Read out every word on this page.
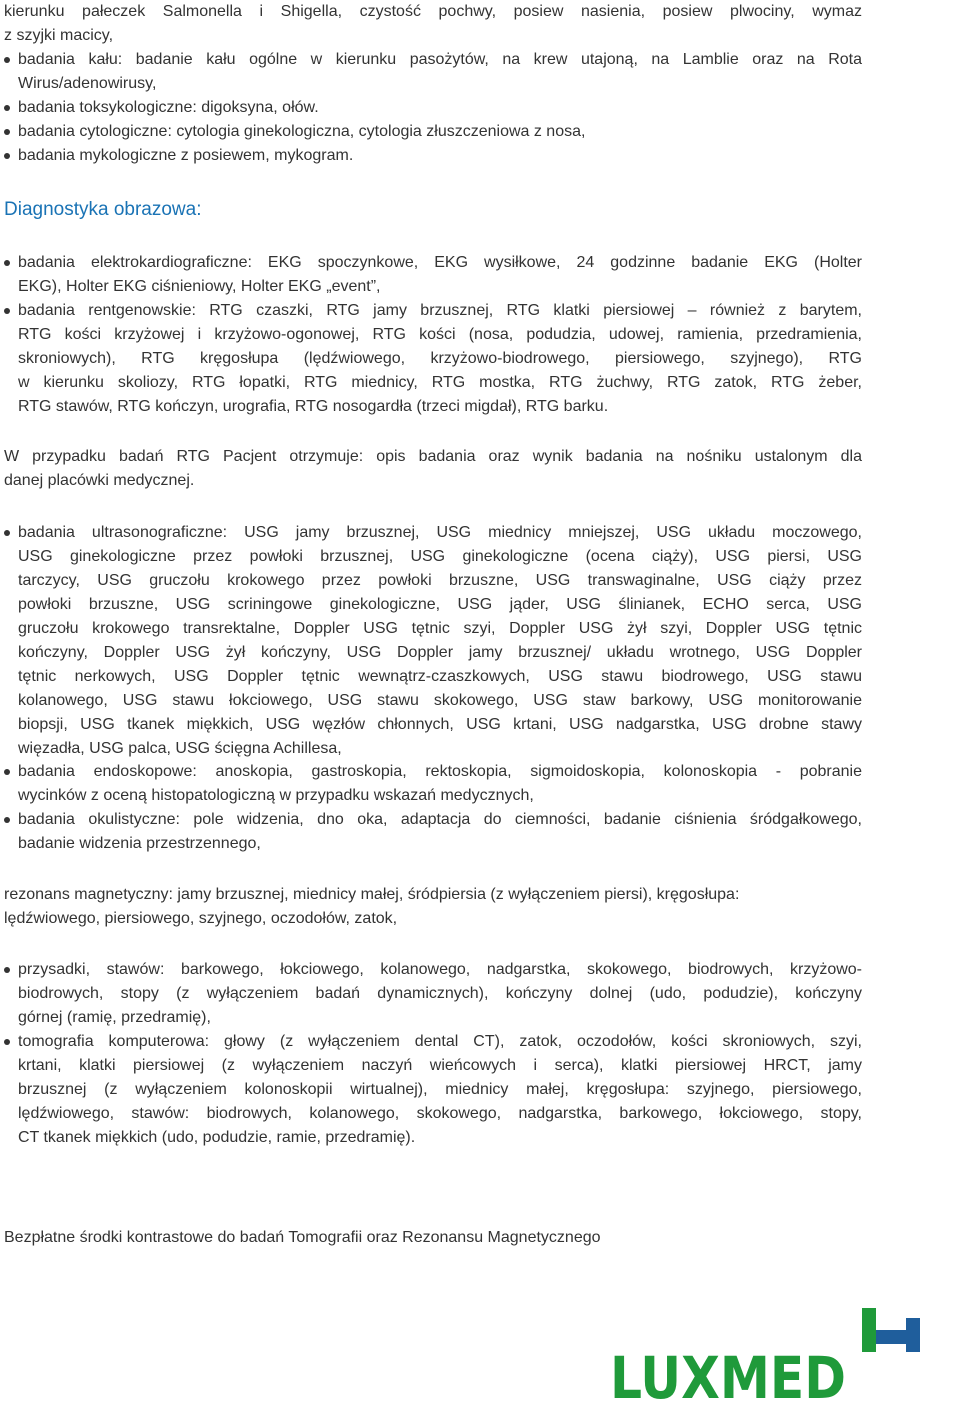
kierunku pałeczek Salmonella i Shigella, czystość pochwy, posiew nasienia, posiew plwociny, wymaz
z szyjki macicy,
badania kału: badanie kału ogólne w kierunku pasożytów, na krew utajoną, na Lamblie oraz na Rota
Wirus/adenowirusy,
badania toksykologiczne: digoksyna, ołów.
badania cytologiczne: cytologia ginekologiczna, cytologia złuszczeniowa z nosa,
badania mykologiczne z posiewem, mykogram.
Diagnostyka obrazowa:
badania elektrokardiograficzne: EKG spoczynkowe, EKG wysiłkowe, 24 godzinne badanie EKG (Holter
EKG), Holter EKG ciśnieniowy, Holter EKG „event”,
badania rentgenowskie: RTG czaszki, RTG jamy brzusznej, RTG klatki piersiowej – również z barytem,
RTG kości krzyżowej i krzyżowo-ogonowej, RTG kości (nosa, podudzia, udowej, ramienia, przedramienia,
skroniowych), RTG kręgosłupa (lędźwiowego, krzyżowo-biodrowego, piersiowego, szyjnego), RTG
w kierunku skoliozy, RTG łopatki, RTG miednicy, RTG mostka, RTG żuchwy, RTG zatok, RTG żeber,
RTG stawów, RTG kończyn, urografia, RTG nosogardła (trzeci migdał), RTG barku.
W przypadku badań RTG Pacjent otrzymuje: opis badania oraz wynik badania na nośniku ustalonym dla
danej placówki medycznej.
badania ultrasonograficzne: USG jamy brzusznej, USG miednicy mniejszej, USG układu moczowego,
USG ginekologiczne przez powłoki brzusznej, USG ginekologiczne (ocena ciąży), USG piersi, USG
tarczycy, USG gruczołu krokowego przez powłoki brzuszne, USG transwaginalne, USG ciąży przez
powłoki brzuszne, USG scriningowe ginekologiczne, USG jąder, USG ślinianek, ECHO serca, USG
gruczołu krokowego transrektalne, Doppler USG tętnic szyi, Doppler USG żył szyi, Doppler USG tętnic
kończyny, Doppler USG żył kończyny, USG Doppler jamy brzusznej/ układu wrotnego, USG Doppler
tętnic nerkowych, USG Doppler tętnic wewnątrz-czaszkowych, USG stawu biodrowego, USG stawu
kolanowego, USG stawu łokciowego, USG stawu skokowego, USG staw barkowy, USG monitorowanie
biopsji, USG tkanek miękkich, USG węzłów chłonnych, USG krtani, USG nadgarstka, USG drobne stawy
więzadła, USG palca, USG ścięgna Achillesa,
badania endoskopowe: anoskopia, gastroskopia, rektoskopia, sigmoidoskopia, kolonoskopia - pobranie
wycinków z oceną histopatologiczną w przypadku wskazań medycznych,
badania okulistyczne: pole widzenia, dno oka, adaptacja do ciemności, badanie ciśnienia śródgałkowego,
badanie widzenia przestrzennego,
rezonans magnetyczny: jamy brzusznej, miednicy małej, śródpiersia (z wyłączeniem piersi), kręgosłupa:
lędźwiowego, piersiowego, szyjnego, oczodołów, zatok,
przysadki, stawów: barkowego, łokciowego, kolanowego, nadgarstka, skokowego, biodrowych, krzyżowo-
biodrowych, stopy (z wyłączeniem badań dynamicznych), kończyny dolnej (udo, podudzie), kończyny
górnej (ramię, przedramię),
tomografia komputerowa: głowy (z wyłączeniem dental CT), zatok, oczodołów, kości skroniowych, szyi,
krtani, klatki piersiowej (z wyłączeniem naczyń wieńcowych i serca), klatki piersiowej HRCT, jamy
brzusznej (z wyłączeniem kolonoskopii wirtualnej), miednicy małej, kręgosłupa: szyjnego, piersiowego,
lędźwiowego, stawów: biodrowych, kolanowego, skokowego, nadgarstka, barkowego, łokciowego, stopy,
CT tkanek miękkich (udo, podudzie, ramie, przedramię).
Bezpłatne środki kontrastowe do badań Tomografii oraz Rezonansu Magnetycznego
LUXMED
